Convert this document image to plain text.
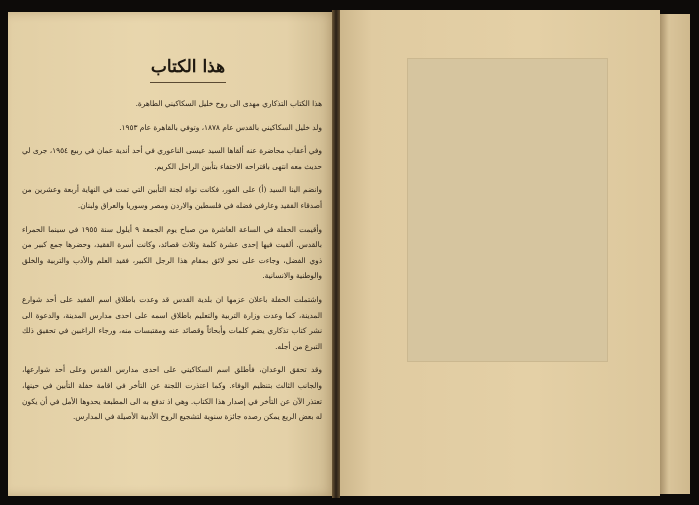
هذا الكتاب

هذا الكتاب التذكاري مهدى الى روح خليل السكاكيني الطاهرة.

ولد خليل السكاكيني بالقدس عام ١٨٧٨، وتوفي بالقاهرة عام ١٩٥٣.

وفي أعقاب محاضرة عنه ألقاها السيد عيسى الناعوري في أحد أندية عمان في ربيع ١٩٥٤، جرى لي حديث معه انتهى باقتراحه الاحتفاء بتأبين الراحل الكريم.

وانضم الينا السيد (أ) على الفور، فكانت نواة لجنة التأبين التي تمت في النهاية أربعة وعشرين من أصدقاء الفقيد وعارفي فضله في فلسطين والاردن ومصر وسوريا والعراق ولبنان.

وأقيمت الحفلة في الساعة العاشرة من صباح يوم الجمعة ٩ أيلول سنة ١٩٥٥ في سينما الحمراء بالقدس. ألقيت فيها إحدى عشرة كلمة وثلاث قصائد، وكانت أسرة الفقيد، وحضرها جمع كبير من ذوي الفضل، وجاءت على نحو لائق بمقام هذا الرجل الكبير، فقيد العلم والأدب والتربية والخلق والوطنية والانسانية.

واشتملت الحفلة باعلان عزمها ان بلدية القدس قد وعدت باطلاق اسم الفقيد على أحد شوارع المدينة، كما وعدت وزارة التربية والتعليم باطلاق اسمه على احدى مدارس المدينة، والدعوة الى نشر كتاب تذكاري يضم كلمات وأبحاثاً وقصائد عنه ومقتبسات منه، ورجاء الراغبين في تحقيق ذلك التبرع من أجله.

وقد تحقق الوعدان، فأطلق اسم السكاكيني على احدى مدارس القدس وعلى أحد شوارعها، والجانب الثالث بتنظيم الوفاء. وكما اعتذرت اللجنة عن التأخر في اقامة حفلة التأبين في حينها، تعتذر الآن عن التأخر في إصدار هذا الكتاب. وهي اذ تدفع به الى المطبعة يحدوها الأمل في أن يكون له بعض الريع يمكن رصده جائزة سنوية لتشجيع الروح الأدبية الأصيلة في المدارس.
